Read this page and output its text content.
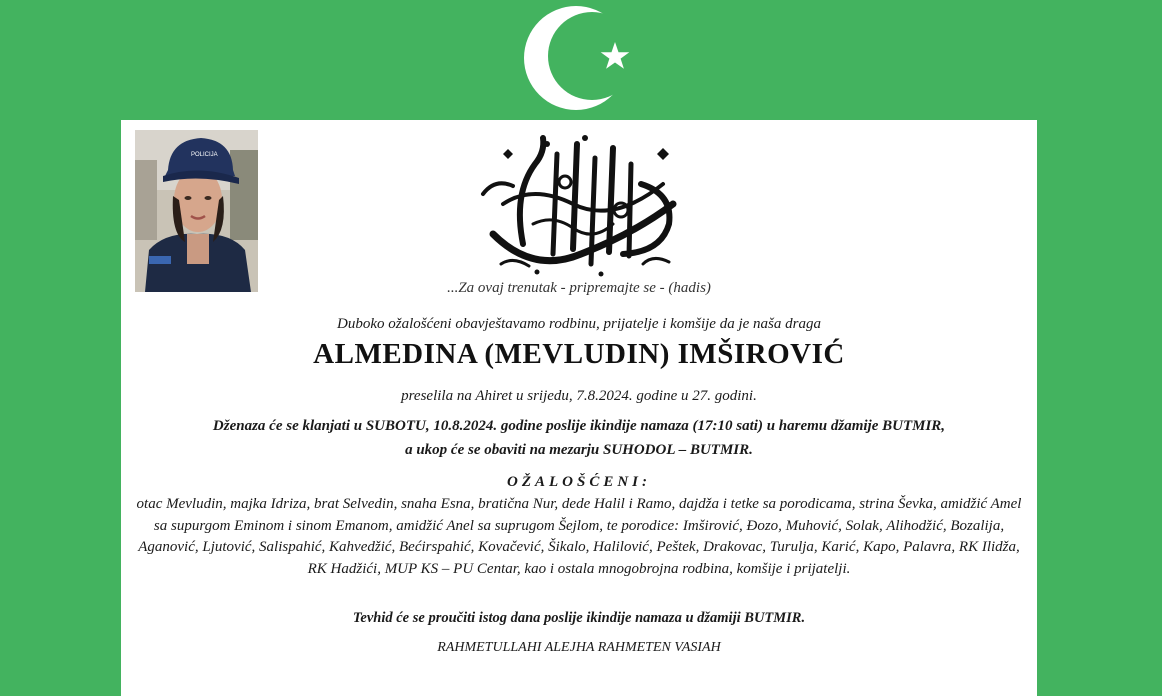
POLICIJA
...Za ovaj trenutak - pripremajte se - (hadis)
Duboko ožalošćeni obavještavamo rodbinu, prijatelje i komšije da je naša draga
ALMEDINA (MEVLUDIN) IMŠIROVIĆ
preselila na Ahiret u srijedu, 7.8.2024. godine u 27. godini.
Dženaza će se klanjati u SUBOTU, 10.8.2024. godine poslije ikindije namaza (17:10 sati) u haremu džamije BUTMIR,
a ukop će se obaviti na mezarju SUHODOL – BUTMIR.
OŽALOŠĆENI:
otac Mevludin, majka Idriza, brat Selvedin, snaha Esna, bratična Nur, dede Halil i Ramo, dajdža i tetke sa porodicama, strina Ševka, amidžić Amel sa supurgom Eminom i sinom Emanom, amidžić Anel sa suprugom Šejlom, te porodice: Imširović, Đozo, Muhović, Solak, Alihodžić, Bozalija, Aganović, Ljutović, Salispahić, Kahvedžić, Bećirspahić, Kovačević, Šikalo, Halilović, Peštek, Drakovac, Turulja, Karić, Kapo, Palavra, RK Ilidža, RK Hadžići, MUP KS – PU Centar, kao i ostala mnogobrojna rodbina, komšije i prijatelji.
Tevhid će se proučiti istog dana poslije ikindije namaza u džamiji BUTMIR.
RAHMETULLAHI ALEJHA RAHMETEN VASIAH
